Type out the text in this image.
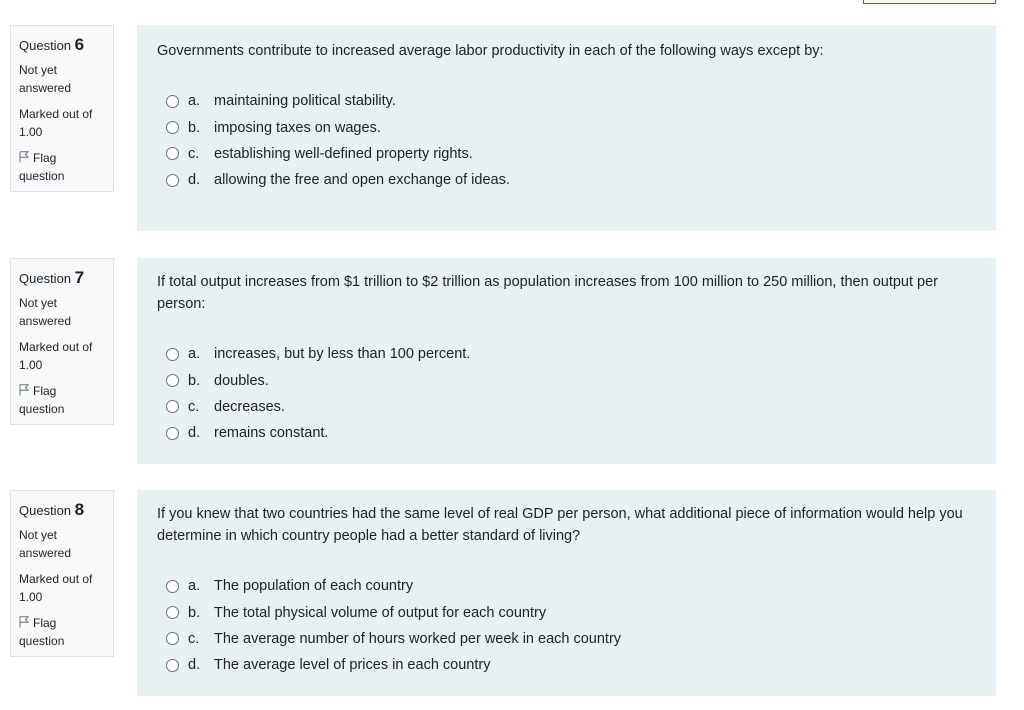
Question 6
Not yet answered
Marked out of 1.00
Flag question
Governments contribute to increased average labor productivity in each of the following ways except by:
a. maintaining political stability.
b. imposing taxes on wages.
c.	establishing well-defined property rights.
d. allowing the free and open exchange of ideas.
Question 7
Not yet answered
Marked out of 1.00
Flag question
If total output increases from $1 trillion to $2 trillion as population increases from 100 million to 250 million, then output per person:
a. increases, but by less than 100 percent.
b. doubles.
c.	decreases.
d. remains constant.
Question 8
Not yet answered
Marked out of 1.00
Flag question
If you knew that two countries had the same level of real GDP per person, what additional piece of information would help you determine in which country people had a better standard of living?
a. The population of each country
b. The total physical volume of output for each country
c.	The average number of hours worked per week in each country
d. The average level of prices in each country
